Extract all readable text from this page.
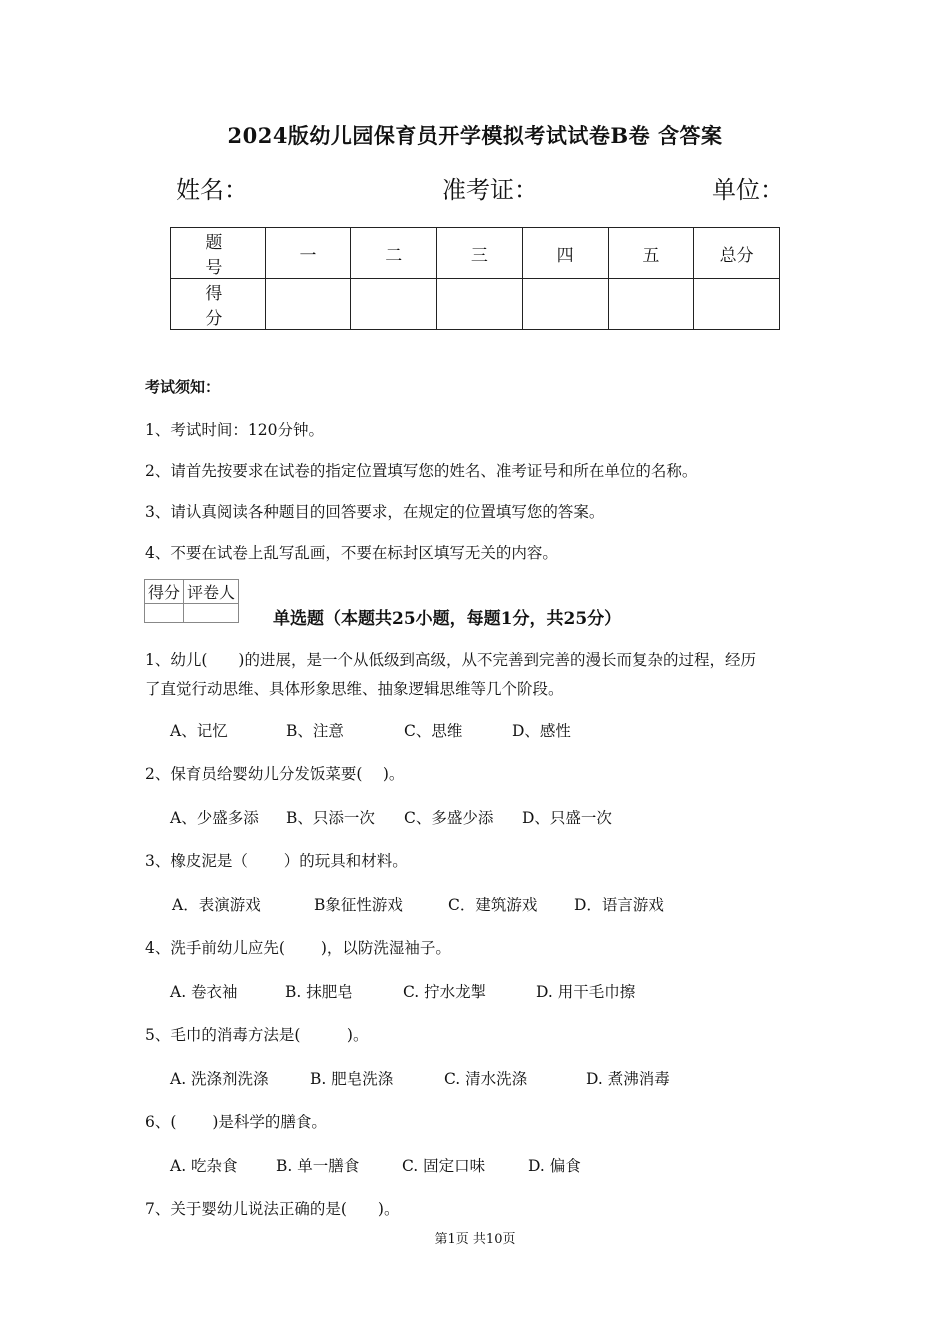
2024版幼儿园保育员开学模拟考试试卷B卷 含答案
姓名：	准考证：	单位：
题　号	一	二	三	四	五	总分
得　分						
考试须知：
1、考试时间：120分钟。
2、请首先按要求在试卷的指定位置填写您的姓名、准考证号和所在单位的名称。
3、请认真阅读各种题目的回答要求，在规定的位置填写您的答案。
4、不要在试卷上乱写乱画，不要在标封区填写无关的内容。
得分	评卷人

单选题（本题共25小题，每题1分，共25分）
1、幼儿(　　)的进展，是一个从低级到高级，从不完善到完善的漫长而复杂的过程，经历
了直觉行动思维、具体形象思维、抽象逻辑思维等几个阶段。
A、记忆	B、注意	C、思维	D、感性
2、保育员给婴幼儿分发饭菜要(　 )。
A、少盛多添 B、只添一次 C、多盛少添 D、只盛一次
3、橡皮泥是（　　 ）的玩具和材料。
A．表演游戏	B象征性游戏	C．建筑游戏 D．语言游戏
4、洗手前幼儿应先(　　 )，以防洗湿袖子。
A. 卷衣袖	B. 抹肥皂	C. 拧水龙掣	D. 用干毛巾擦
5、毛巾的消毒方法是(　　　)。
A. 洗涤剂洗涤	B. 肥皂洗涤	C. 清水洗涤	D. 煮沸消毒
6、(　　 )是科学的膳食。
A. 吃杂食 B. 单一膳食	C. 固定口味	D. 偏食
7、关于婴幼儿说法正确的是(　　)。
第1页 共10页
